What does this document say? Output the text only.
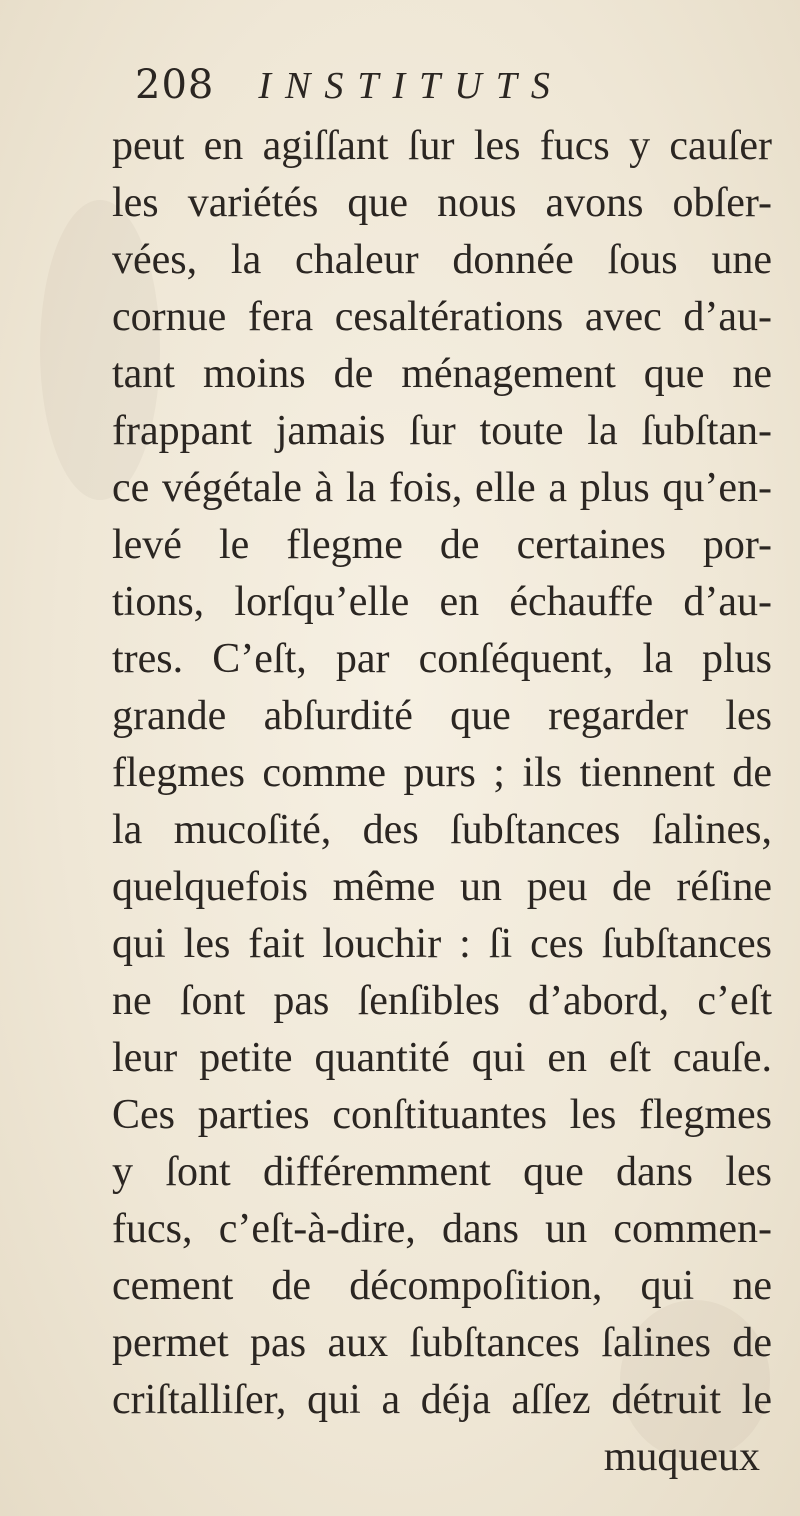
208 INSTITUTS
peut en agiſſant ſur les fucs y cauſer
les variétés que nous avons obſer-
vées, la chaleur donnée ſous une
cornue fera cesaltérations avec d’au-
tant moins de ménagement que ne
frappant jamais ſur toute la ſubſtan-
ce végétale à la fois, elle a plus qu’en-
levé le flegme de certaines por-
tions, lorſqu’elle en échauffe d’au-
tres. C’eſt, par conſéquent, la plus
grande abſurdité que regarder les
flegmes comme purs ; ils tiennent de
la mucoſité, des ſubſtances ſalines,
quelquefois même un peu de réſine
qui les fait louchir : ſi ces ſubſtances
ne ſont pas ſenſibles d’abord, c’eſt
leur petite quantité qui en eſt cauſe.
Ces parties conſtituantes les flegmes
y ſont différemment que dans les
fucs, c’eſt-à-dire, dans un commen-
cement de décompoſition, qui ne
permet pas aux ſubſtances ſalines de
criſtalliſer, qui a déja aſſez détruit le
muqueux
